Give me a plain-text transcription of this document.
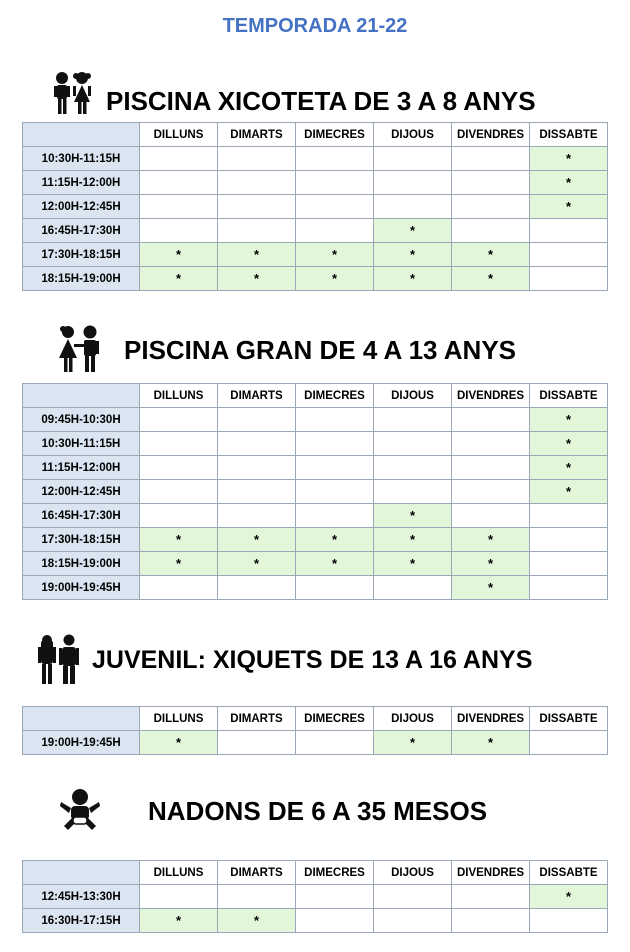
TEMPORADA 21-22
PISCINA XICOTETA DE 3 A 8 ANYS
	DILLUNS	DIMARTS	DIMECRES	DIJOUS	DIVENDRES	DISSABTE
10:30H-11:15H						*
11:15H-12:00H						*
12:00H-12:45H						*
16:45H-17:30H				*		
17:30H-18:15H	*	*	*	*	*	
18:15H-19:00H	*	*	*	*	*	
PISCINA GRAN DE 4 A 13 ANYS
	DILLUNS	DIMARTS	DIMECRES	DIJOUS	DIVENDRES	DISSABTE
09:45H-10:30H						*
10:30H-11:15H						*
11:15H-12:00H						*
12:00H-12:45H						*
16:45H-17:30H				*		
17:30H-18:15H	*	*	*	*	*	
18:15H-19:00H	*	*	*	*	*	
19:00H-19:45H					*	
JUVENIL: XIQUETS DE 13 A 16 ANYS
	DILLUNS	DIMARTS	DIMECRES	DIJOUS	DIVENDRES	DISSABTE
19:00H-19:45H	*			*	*	
NADONS DE 6 A 35 MESOS
	DILLUNS	DIMARTS	DIMECRES	DIJOUS	DIVENDRES	DISSABTE
12:45H-13:30H						*
16:30H-17:15H	*	*				
